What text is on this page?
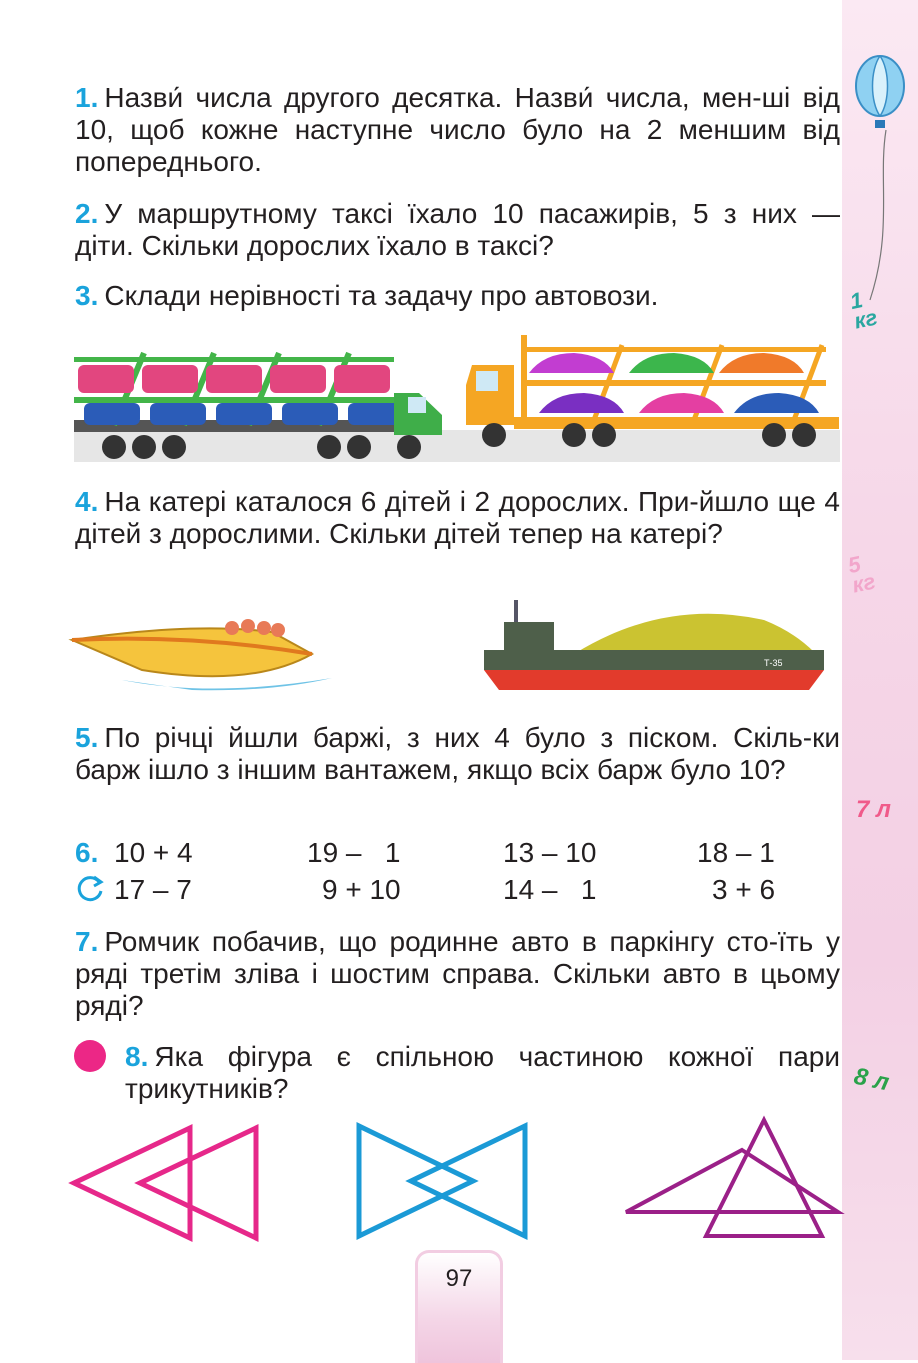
1 кг
5 кг
7 л
8 л
1. Назви́ числа другого десятка. Назви́ числа, мен-ші від 10, щоб кожне наступне число було на 2 меншим від попереднього.
2. У маршрутному таксі їхало 10 пасажирів, 5 з них — діти. Скільки дорослих їхало в таксі?
3. Склади нерівності та задачу про автовози.
4. На катері каталося 6 дітей і 2 дорослих. При-йшло ще 4 дітей з дорослими. Скільки дітей тепер на катері?
Т-35
5. По річці йшли баржі, з них 4 було з піском. Скіль-ки барж ішло з іншим вантажем, якщо всіх барж було 10?
6. 10 + 4	19 –   1	13 – 10	18 – 1
17 – 7	9 + 10	14 –   1	3 + 6
7. Ромчик побачив, що родинне авто в паркінгу сто-їть у ряді третім зліва і шостим справа. Скільки авто в цьому ряді?
8. Яка фігура є спільною частиною кожної пари трикутників?
97
